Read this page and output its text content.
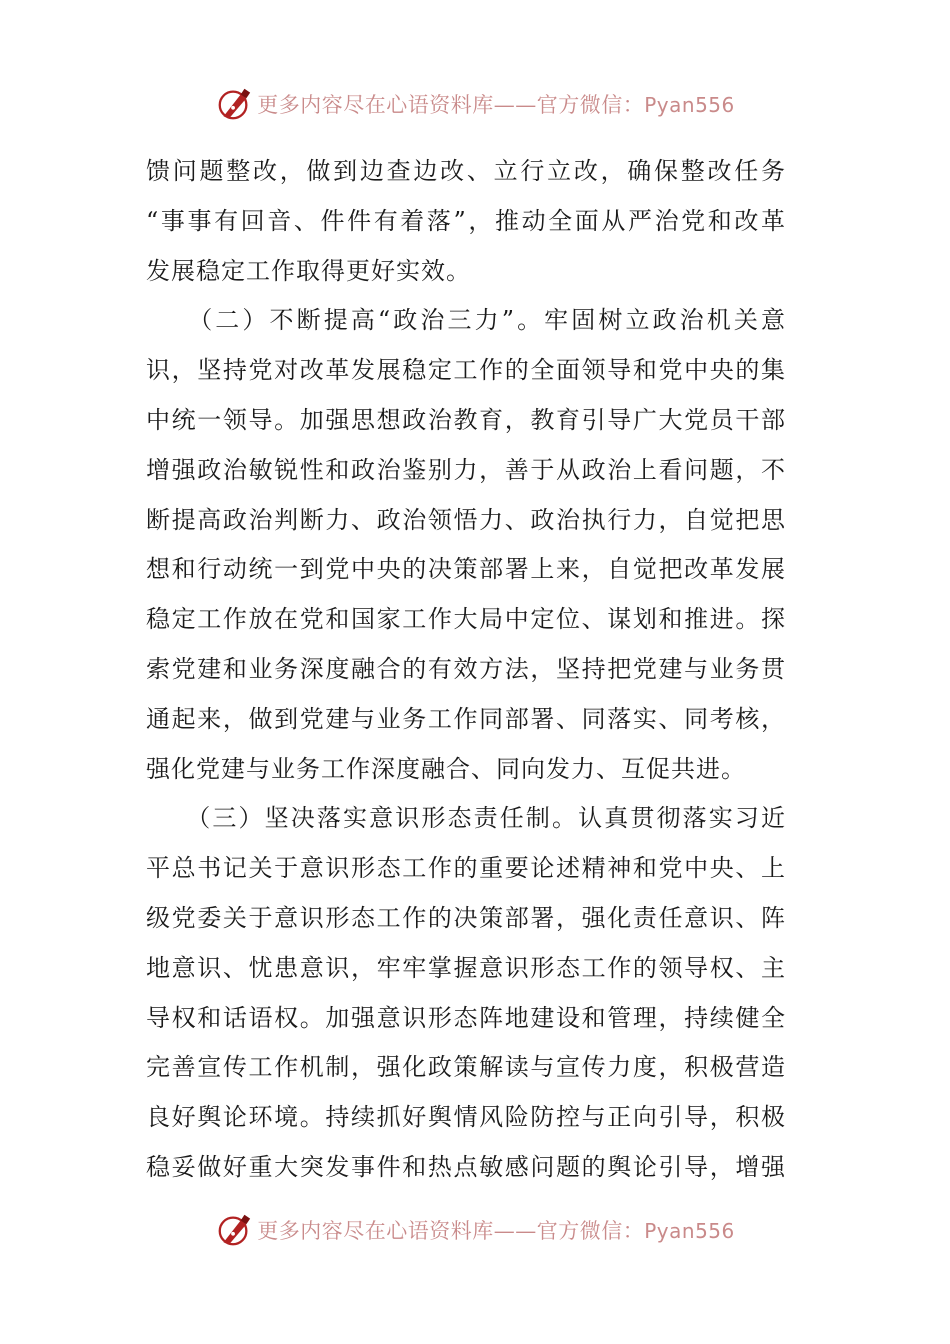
更多内容尽在心语资料库——官方微信：Pyan556
馈问题整改，做到边查边改、立行立改，确保整改任务
“事事有回音、件件有着落”，推动全面从严治党和改革
发展稳定工作取得更好实效。
　　（二）不断提高“政治三力”。牢固树立政治机关意
识，坚持党对改革发展稳定工作的全面领导和党中央的集
中统一领导。加强思想政治教育，教育引导广大党员干部
增强政治敏锐性和政治鉴别力，善于从政治上看问题，不
断提高政治判断力、政治领悟力、政治执行力，自觉把思
想和行动统一到党中央的决策部署上来，自觉把改革发展
稳定工作放在党和国家工作大局中定位、谋划和推进。探
索党建和业务深度融合的有效方法，坚持把党建与业务贯
通起来，做到党建与业务工作同部署、同落实、同考核，
强化党建与业务工作深度融合、同向发力、互促共进。
　　（三）坚决落实意识形态责任制。认真贯彻落实习近
平总书记关于意识形态工作的重要论述精神和党中央、上
级党委关于意识形态工作的决策部署，强化责任意识、阵
地意识、忧患意识，牢牢掌握意识形态工作的领导权、主
导权和话语权。加强意识形态阵地建设和管理，持续健全
完善宣传工作机制，强化政策解读与宣传力度，积极营造
良好舆论环境。持续抓好舆情风险防控与正向引导，积极
稳妥做好重大突发事件和热点敏感问题的舆论引导，增强
更多内容尽在心语资料库——官方微信：Pyan556
